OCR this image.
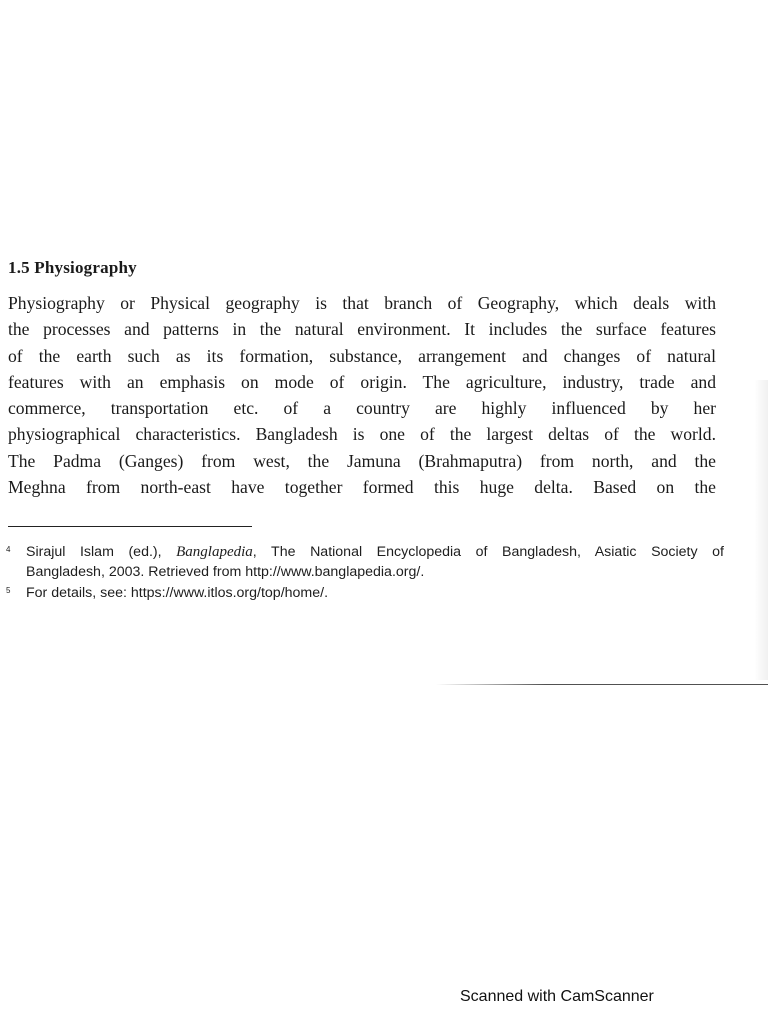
1.5 Physiography
Physiography or Physical geography is that branch of Geography, which deals with
the processes and patterns in the natural environment. It includes the surface features
of the earth such as its formation, substance, arrangement and changes of natural
features with an emphasis on mode of origin. The agriculture, industry, trade and
commerce, transportation etc. of a country are highly influenced by her
physiographical characteristics. Bangladesh is one of the largest deltas of the world.
The Padma (Ganges) from west, the Jamuna (Brahmaputra) from north, and the
Meghna from north-east have together formed this huge delta. Based on the
4 Sirajul Islam (ed.), Banglapedia, The National Encyclopedia of Bangladesh, Asiatic Society of
Bangladesh, 2003. Retrieved from http://www.banglapedia.org/.
5 For details, see: https://www.itlos.org/top/home/.
Scanned with CamScanner
